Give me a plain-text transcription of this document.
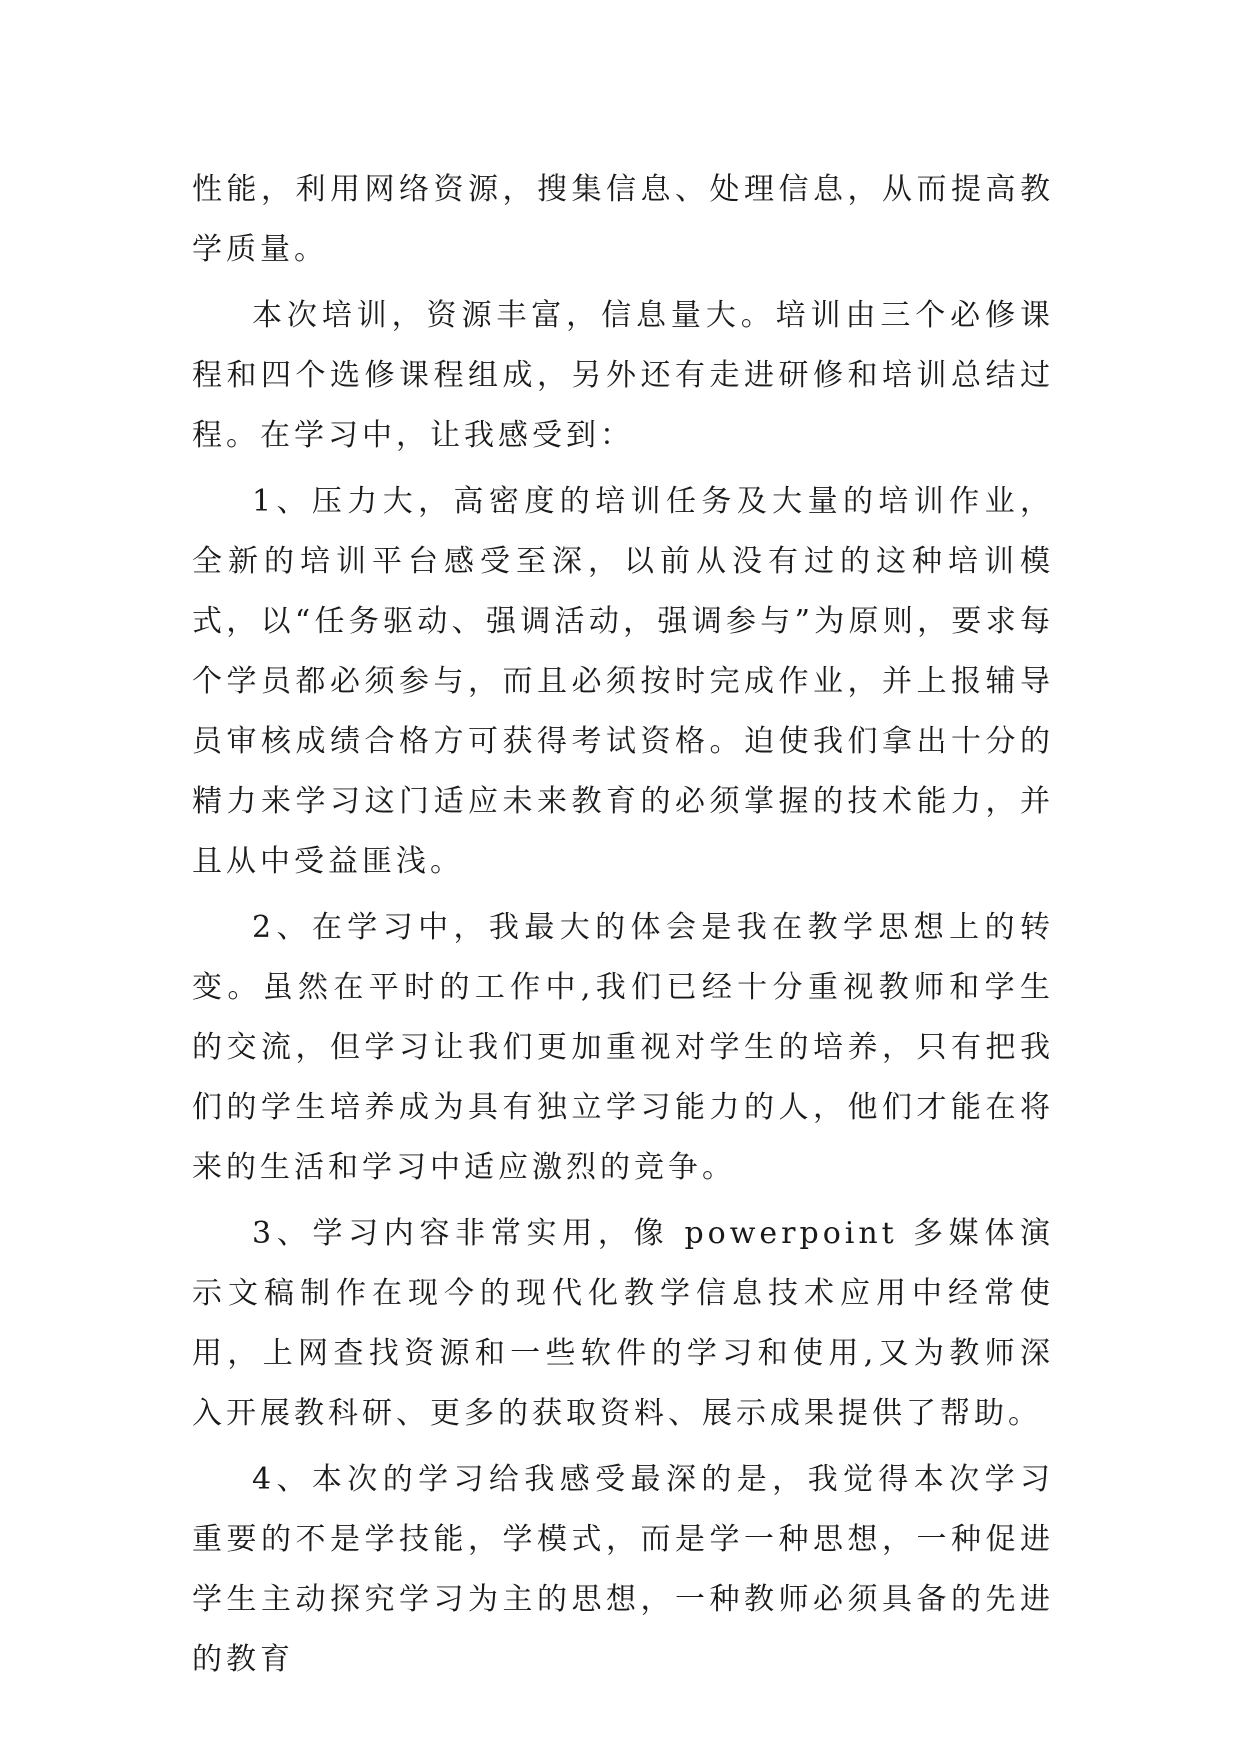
性能，利用网络资源，搜集信息、处理信息，从而提高教学质量。

本次培训，资源丰富，信息量大。培训由三个必修课程和四个选修课程组成，另外还有走进研修和培训总结过程。在学习中，让我感受到：

1、压力大，高密度的培训任务及大量的培训作业，全新的培训平台感受至深，以前从没有过的这种培训模式，以“任务驱动、强调活动，强调参与”为原则，要求每个学员都必须参与，而且必须按时完成作业，并上报辅导员审核成绩合格方可获得考试资格。迫使我们拿出十分的精力来学习这门适应未来教育的必须掌握的技术能力，并且从中受益匪浅。

2、在学习中，我最大的体会是我在教学思想上的转变。虽然在平时的工作中,我们已经十分重视教师和学生的交流，但学习让我们更加重视对学生的培养，只有把我们的学生培养成为具有独立学习能力的人，他们才能在将来的生活和学习中适应激烈的竞争。

3、学习内容非常实用，像 powerpoint 多媒体演示文稿制作在现今的现代化教学信息技术应用中经常使用，上网查找资源和一些软件的学习和使用,又为教师深入开展教科研、更多的获取资料、展示成果提供了帮助。

4、本次的学习给我感受最深的是，我觉得本次学习重要的不是学技能，学模式，而是学一种思想，一种促进学生主动探究学习为主的思想，一种教师必须具备的先进的教育
